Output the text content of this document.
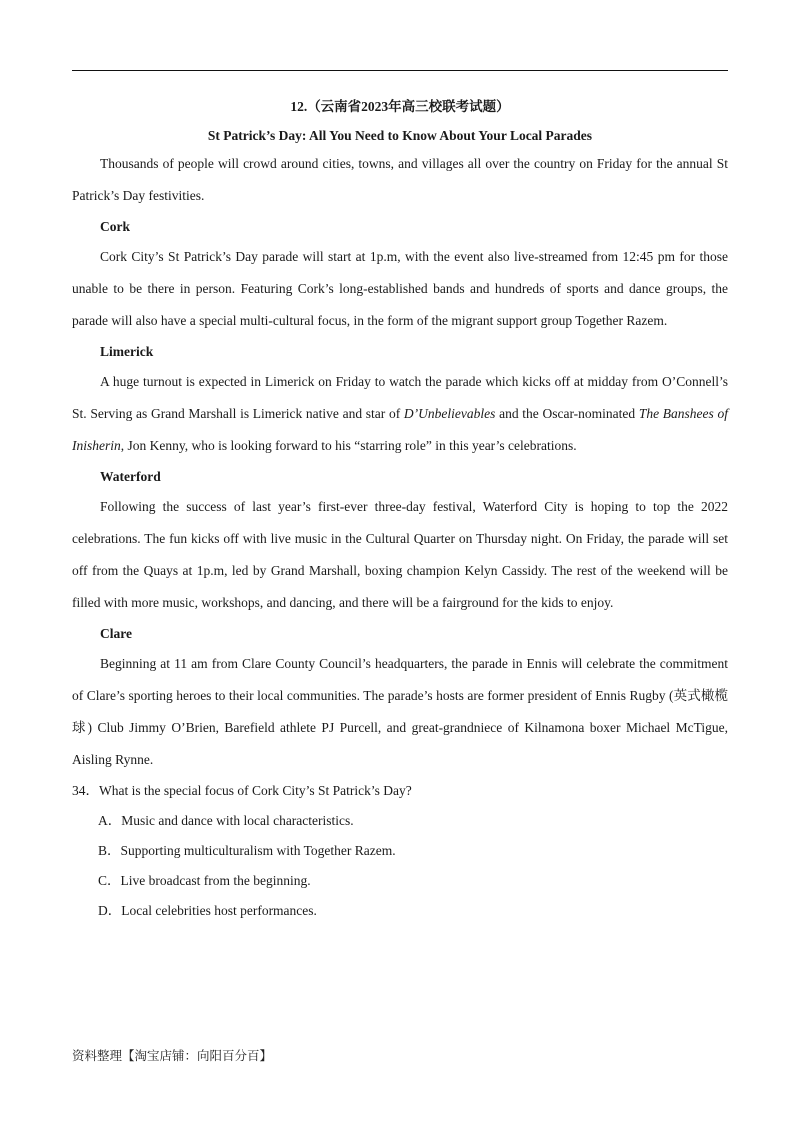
12.（云南省2023年高三校联考试题）
St Patrick’s Day: All You Need to Know About Your Local Parades

Thousands of people will crowd around cities, towns, and villages all over the country on Friday for the annual St Patrick’s Day festivities.

Cork

Cork City’s St Patrick’s Day parade will start at 1p.m, with the event also live-streamed from 12:45 pm for those unable to be there in person. Featuring Cork’s long-established bands and hundreds of sports and dance groups, the parade will also have a special multi-cultural focus, in the form of the migrant support group Together Razem.

Limerick

A huge turnout is expected in Limerick on Friday to watch the parade which kicks off at midday from O’Connell’s St. Serving as Grand Marshall is Limerick native and star of D’Unbelievables and the Oscar-nominated The Banshees of Inisherin, Jon Kenny, who is looking forward to his “starring role” in this year’s celebrations.

Waterford

Following the success of last year’s first-ever three-day festival, Waterford City is hoping to top the 2022 celebrations. The fun kicks off with live music in the Cultural Quarter on Thursday night. On Friday, the parade will set off from the Quays at 1p.m, led by Grand Marshall, boxing champion Kelyn Cassidy. The rest of the weekend will be filled with more music, workshops, and dancing, and there will be a fairground for the kids to enjoy.

Clare

Beginning at 11 am from Clare County Council’s headquarters, the parade in Ennis will celebrate the commitment of Clare’s sporting heroes to their local communities. The parade’s hosts are former president of Ennis Rugby (英式橄榄球) Club Jimmy O’Brien, Barefield athlete PJ Purcell, and great-grandniece of Kilnamona boxer Michael McTigue, Aisling Rynne.

34．What is the special focus of Cork City’s St Patrick’s Day?

A．Music and dance with local characteristics.

B．Supporting multiculturalism with Together Razem.

C．Live broadcast from the beginning.

D．Local celebrities host performances.

资料整理【淘宝店铺：向阳百分百】
